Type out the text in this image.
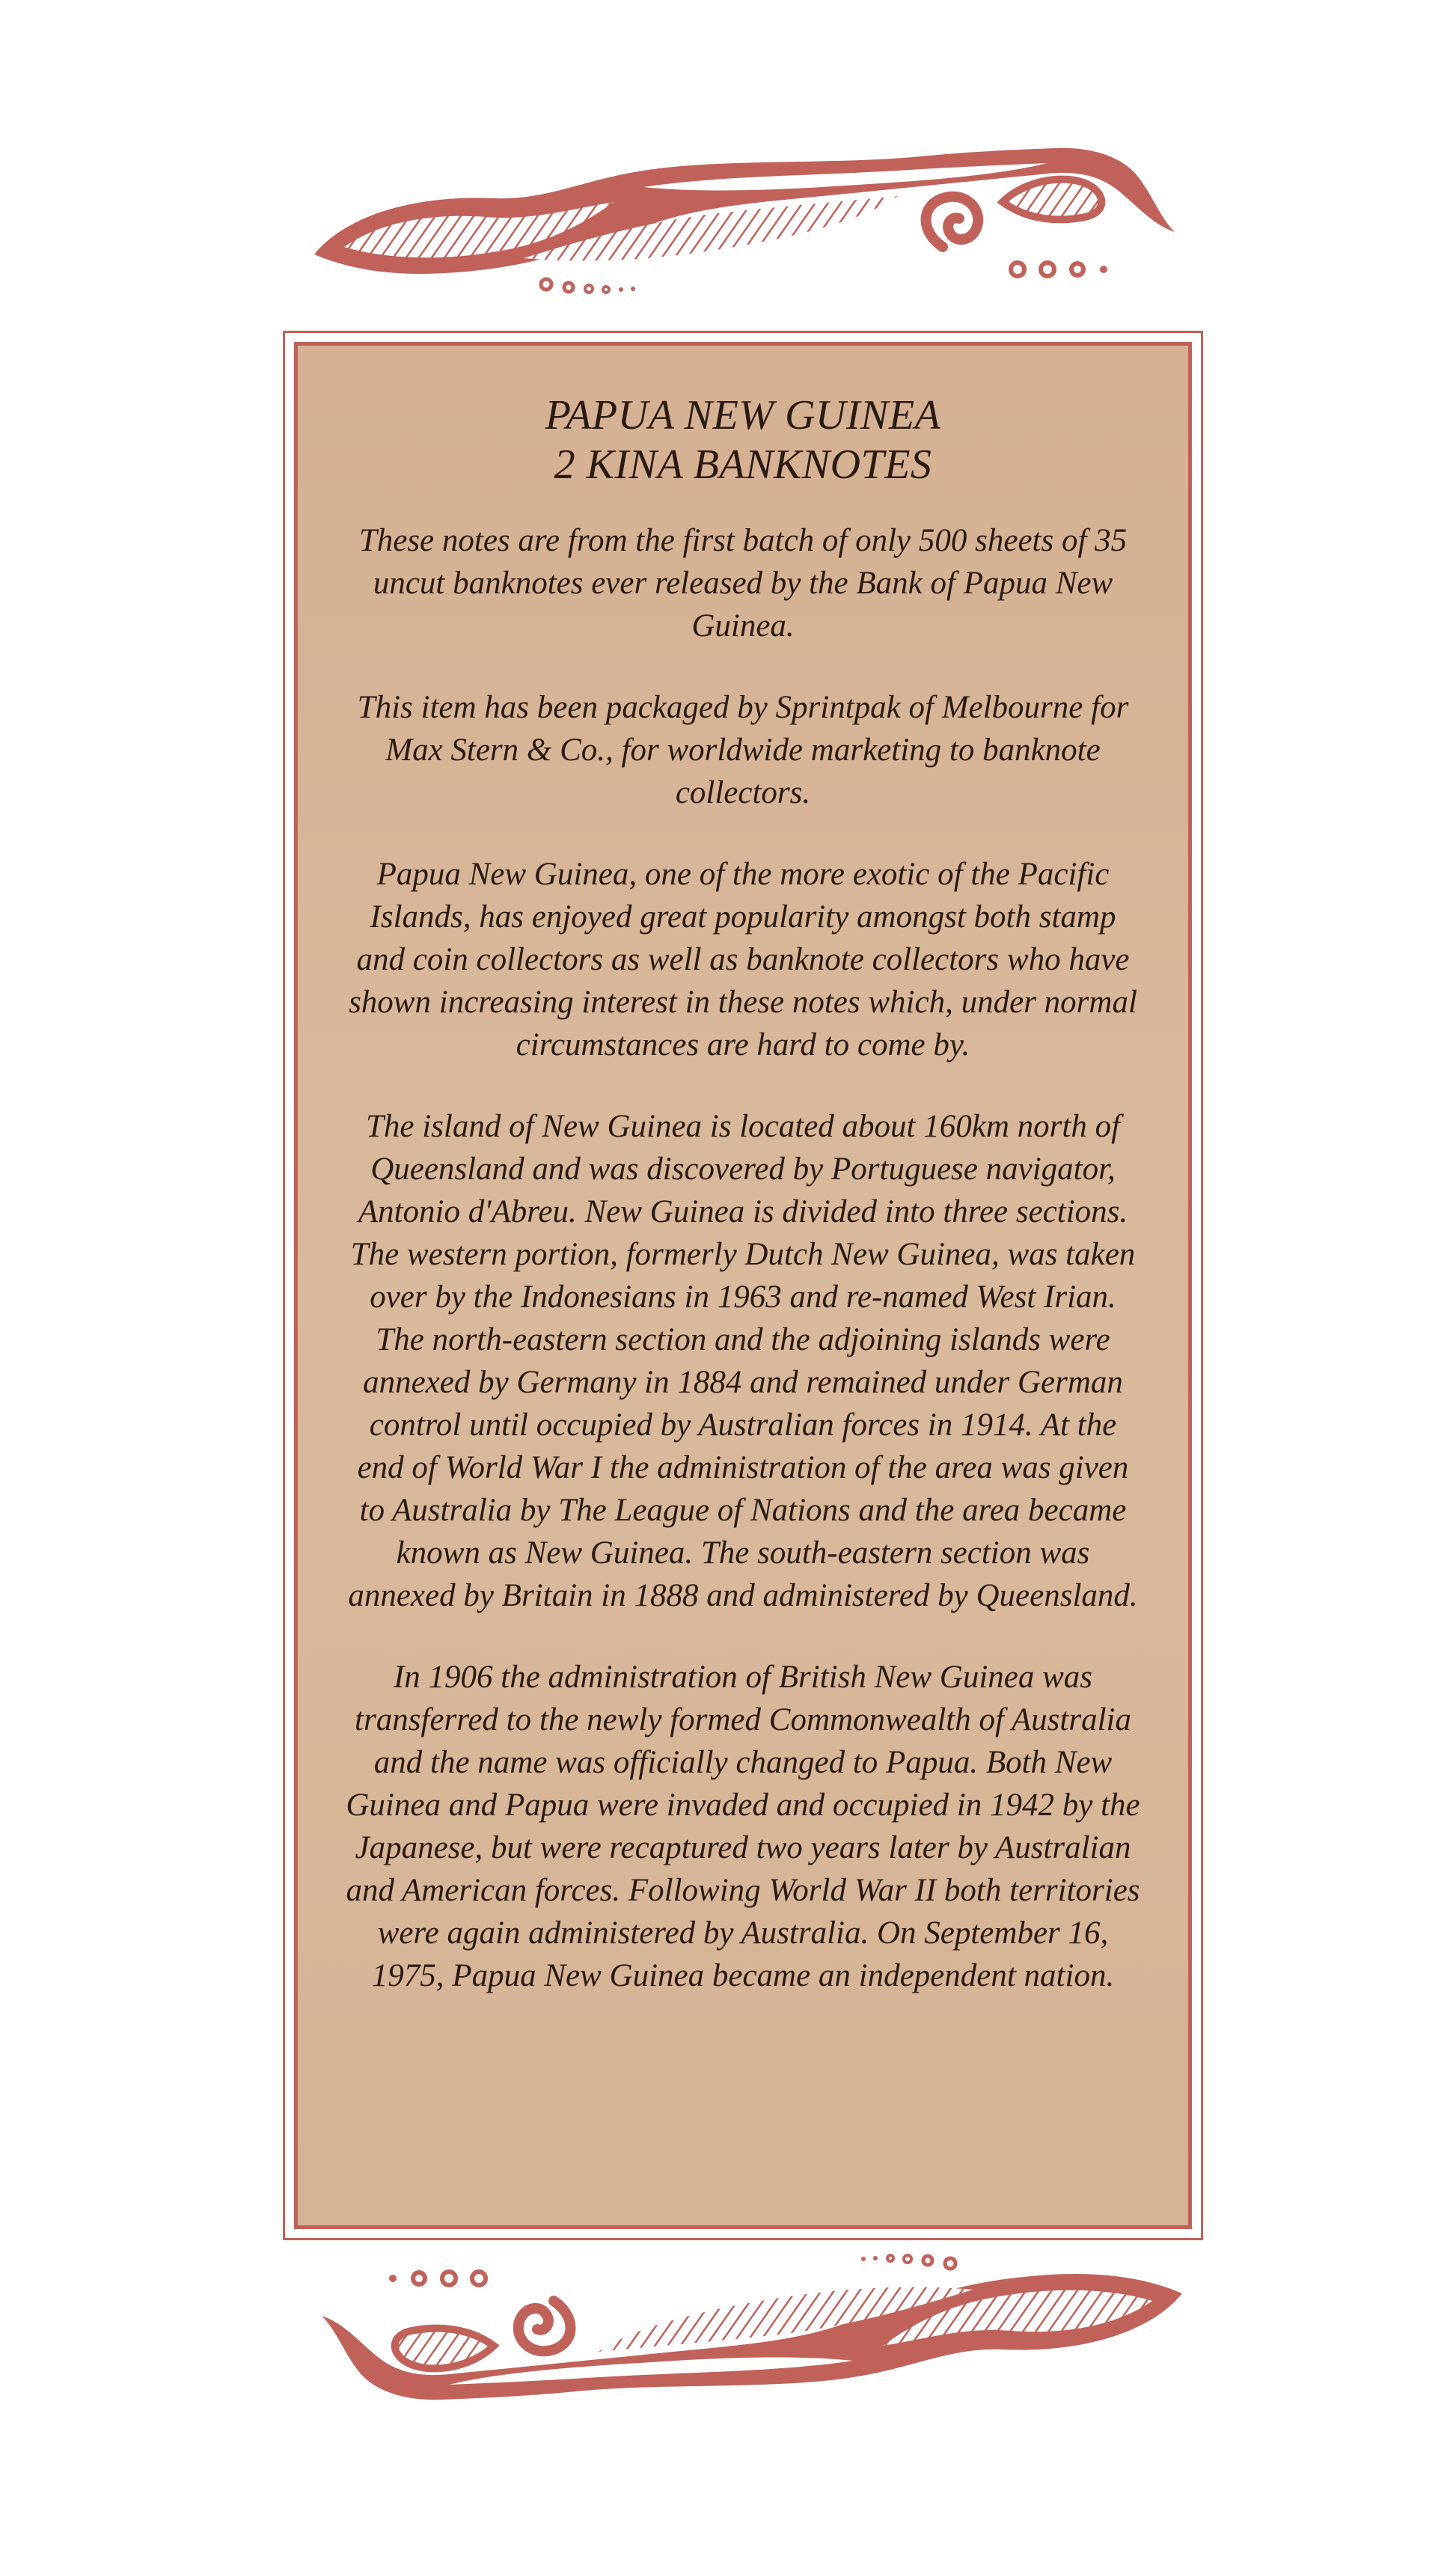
PAPUA NEW GUINEA
2 KINA BANKNOTES

These notes are from the first batch of only 500 sheets of 35 uncut banknotes ever released by the Bank of Papua New Guinea.

This item has been packaged by Sprintpak of Melbourne for Max Stern & Co., for worldwide marketing to banknote collectors.

Papua New Guinea, one of the more exotic of the Pacific Islands, has enjoyed great popularity amongst both stamp and coin collectors as well as banknote collectors who have shown increasing interest in these notes which, under normal circumstances are hard to come by.

The island of New Guinea is located about 160km north of Queensland and was discovered by Portuguese navigator, Antonio d'Abreu. New Guinea is divided into three sections. The western portion, formerly Dutch New Guinea, was taken over by the Indonesians in 1963 and re-named West Irian. The north-eastern section and the adjoining islands were annexed by Germany in 1884 and remained under German control until occupied by Australian forces in 1914. At the end of World War I the administration of the area was given to Australia by The League of Nations and the area became known as New Guinea. The south-eastern section was annexed by Britain in 1888 and administered by Queensland.

In 1906 the administration of British New Guinea was transferred to the newly formed Commonwealth of Australia and the name was officially changed to Papua. Both New Guinea and Papua were invaded and occupied in 1942 by the Japanese, but were recaptured two years later by Australian and American forces. Following World War II both territories were again administered by Australia. On September 16, 1975, Papua New Guinea became an independent nation.
